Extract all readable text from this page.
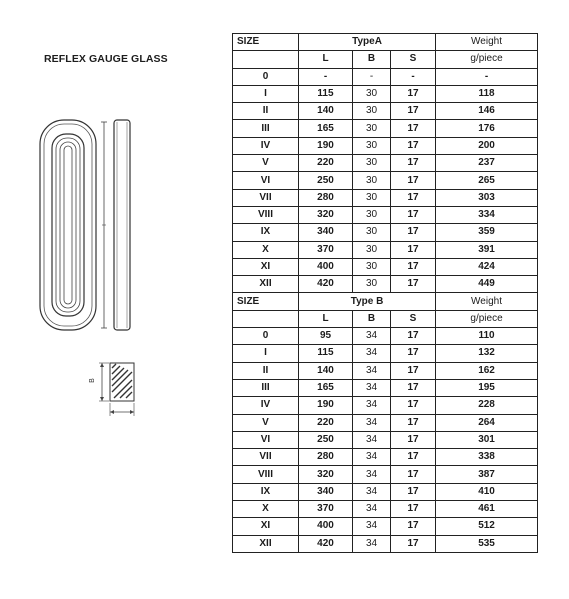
REFLEX GAUGE GLASS
B
SIZE	TypeA			Weight
	L	B	S	g/piece
0	-	-	-	-
I	115	30	17	118
II	140	30	17	146
III	165	30	17	176
IV	190	30	17	200
V	220	30	17	237
VI	250	30	17	265
VII	280	30	17	303
VIII	320	30	17	334
IX	340	30	17	359
X	370	30	17	391
XI	400	30	17	424
XII	420	30	17	449
SIZE	Type B			Weight
	L	B	S	g/piece
0	95	34	17	110
I	115	34	17	132
II	140	34	17	162
III	165	34	17	195
IV	190	34	17	228
V	220	34	17	264
VI	250	34	17	301
VII	280	34	17	338
VIII	320	34	17	387
IX	340	34	17	410
X	370	34	17	461
XI	400	34	17	512
XII	420	34	17	535
